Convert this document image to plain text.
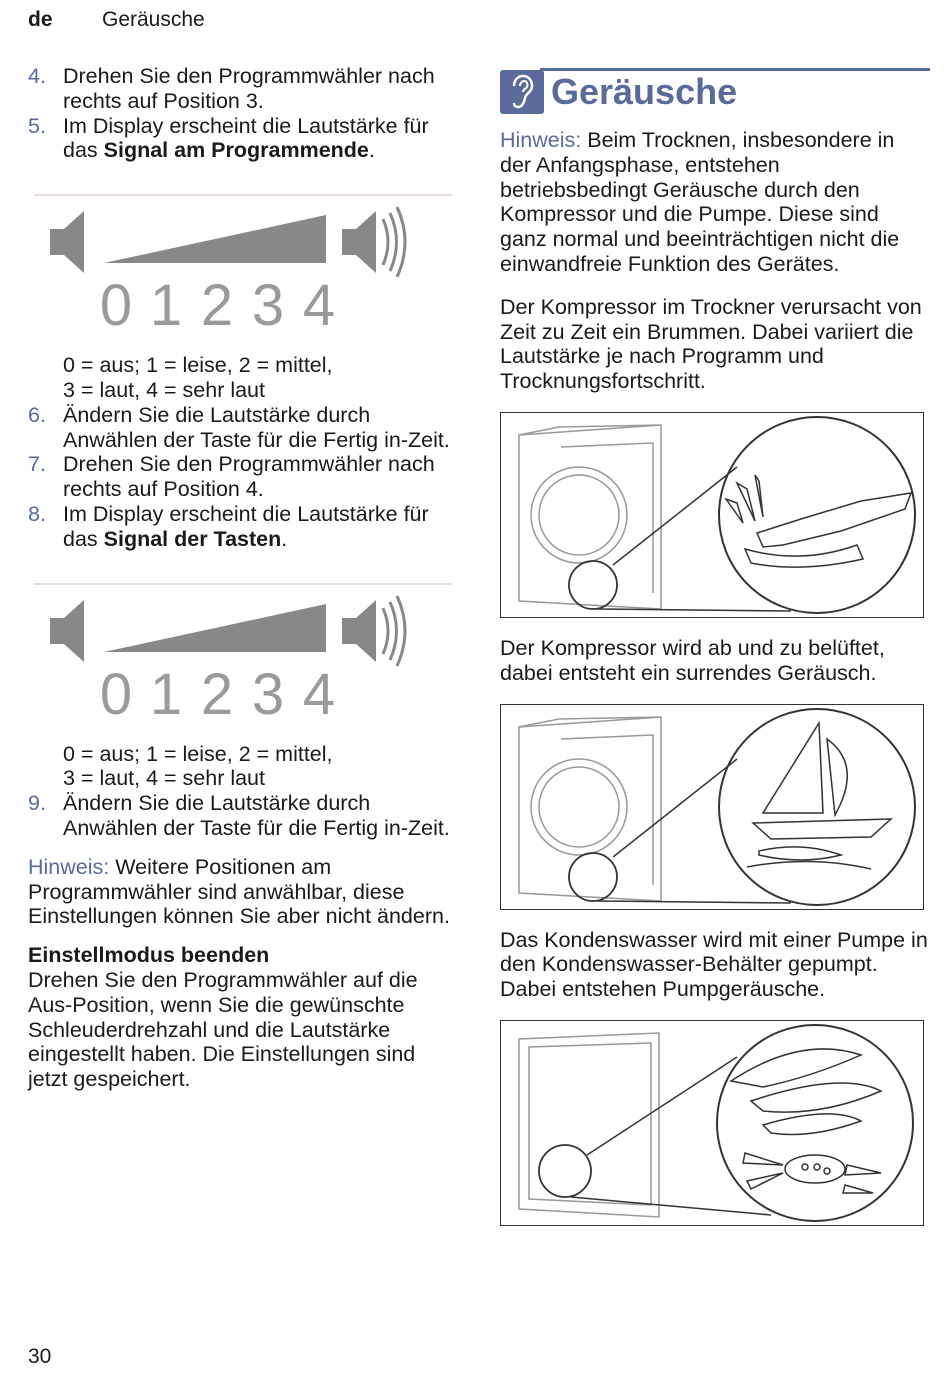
de Geräusche
4. Drehen Sie den Programmwähler nach rechts auf Position 3.
5. Im Display erscheint die Lautstärke für das Signal am Programmende.
0 1 2 3 4
0 = aus; 1 = leise, 2 = mittel,
3 = laut, 4 = sehr laut
6. Ändern Sie die Lautstärke durch Anwählen der Taste für die Fertig in-Zeit.
7. Drehen Sie den Programmwähler nach rechts auf Position 4.
8. Im Display erscheint die Lautstärke für das Signal der Tasten.
0 1 2 3 4
0 = aus; 1 = leise, 2 = mittel,
3 = laut, 4 = sehr laut
9. Ändern Sie die Lautstärke durch Anwählen der Taste für die Fertig in-Zeit.
Hinweis: Weitere Positionen am Programmwähler sind anwählbar, diese Einstellungen können Sie aber nicht ändern.
Einstellmodus beenden
Drehen Sie den Programmwähler auf die Aus-Position, wenn Sie die gewünschte Schleuderdrehzahl und die Lautstärke eingestellt haben. Die Einstellungen sind jetzt gespeichert.
Geräusche
Hinweis: Beim Trocknen, insbesondere in der Anfangsphase, entstehen betriebsbedingt Geräusche durch den Kompressor und die Pumpe. Diese sind ganz normal und beeinträchtigen nicht die einwandfreie Funktion des Gerätes.
Der Kompressor im Trockner verursacht von Zeit zu Zeit ein Brummen. Dabei variiert die Lautstärke je nach Programm und Trocknungsfortschritt.
Der Kompressor wird ab und zu belüftet, dabei entsteht ein surrendes Geräusch.
Das Kondenswasser wird mit einer Pumpe in den Kondenswasser-Behälter gepumpt. Dabei entstehen Pumpgeräusche.
30
